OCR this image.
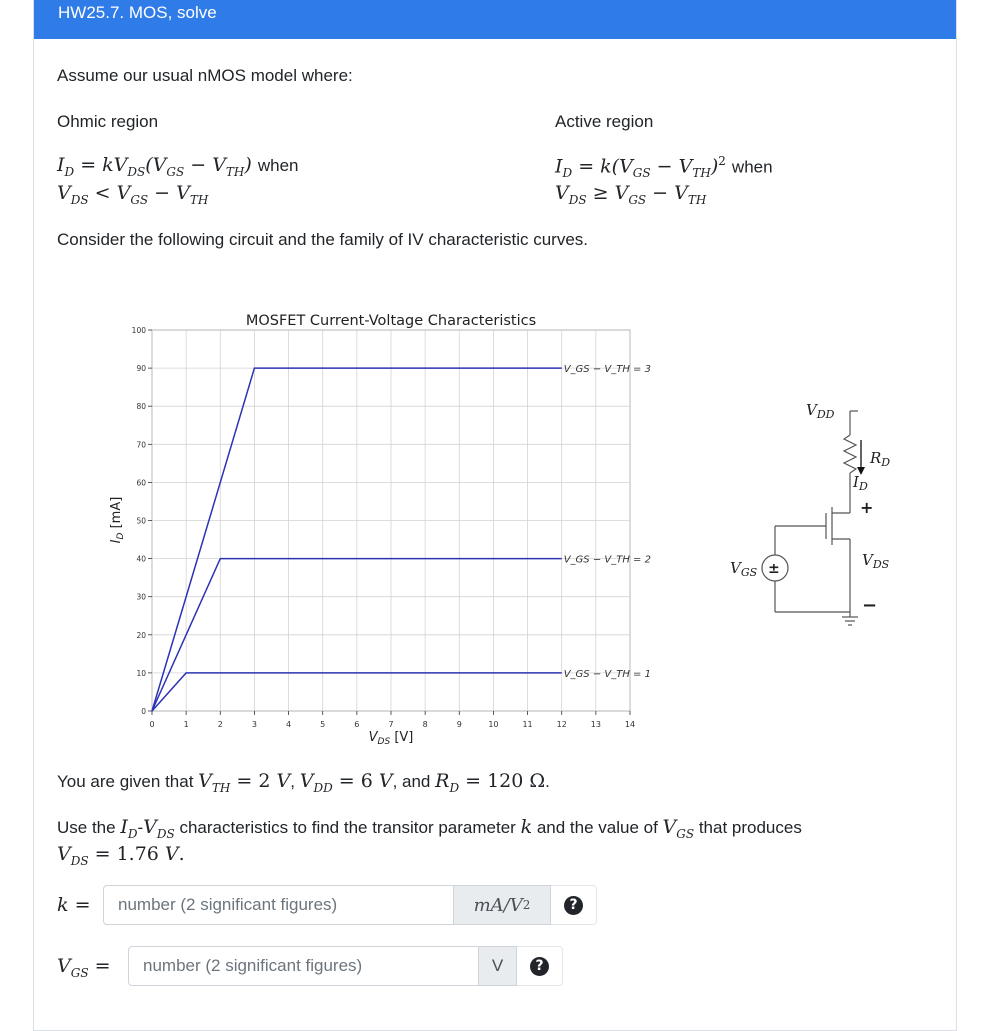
HW25.7. MOS, solve
Assume our usual nMOS model where:
Ohmic region	Active region
$I_D = kV_{DS}(V_{GS} - V_{TH})$ when
$V_{DS} < V_{GS} - V_{TH}$
$I_D = k(V_{GS} - V_{TH})^2$ when
$V_{DS} \ge V_{GS} - V_{TH}$
Consider the following circuit and the family of IV characteristic curves.
0	1	2	3	4	5	6	7	8	9	10	11	12	13	14
0
10
20
30
40
50
60
70
80
90
100
V_GS − V_TH = 3
V_GS − V_TH = 2
V_GS − V_TH = 1
MOSFET Current-Voltage Characteristics
$V_{DS}$ [V]
$I_D$ [mA]
±
$V_{DD}$
$R_D$
$I_D$
+
−
$V_{DS}$
$V_{GS}$
You are given that $V_{TH} = 2$ V, $V_{DD} = 6$ V, and $R_D = 120$ Ω.
Use the $I_D-V_{DS}$ characteristics to find the transitor parameter k and the value of $V_{GS}$ that produces
$V_{DS} = 1.76$ V.
k =
number (2 significant figures)	mA/V 2	?
$V_{GS}$ =
number (2 significant figures)	V	?
